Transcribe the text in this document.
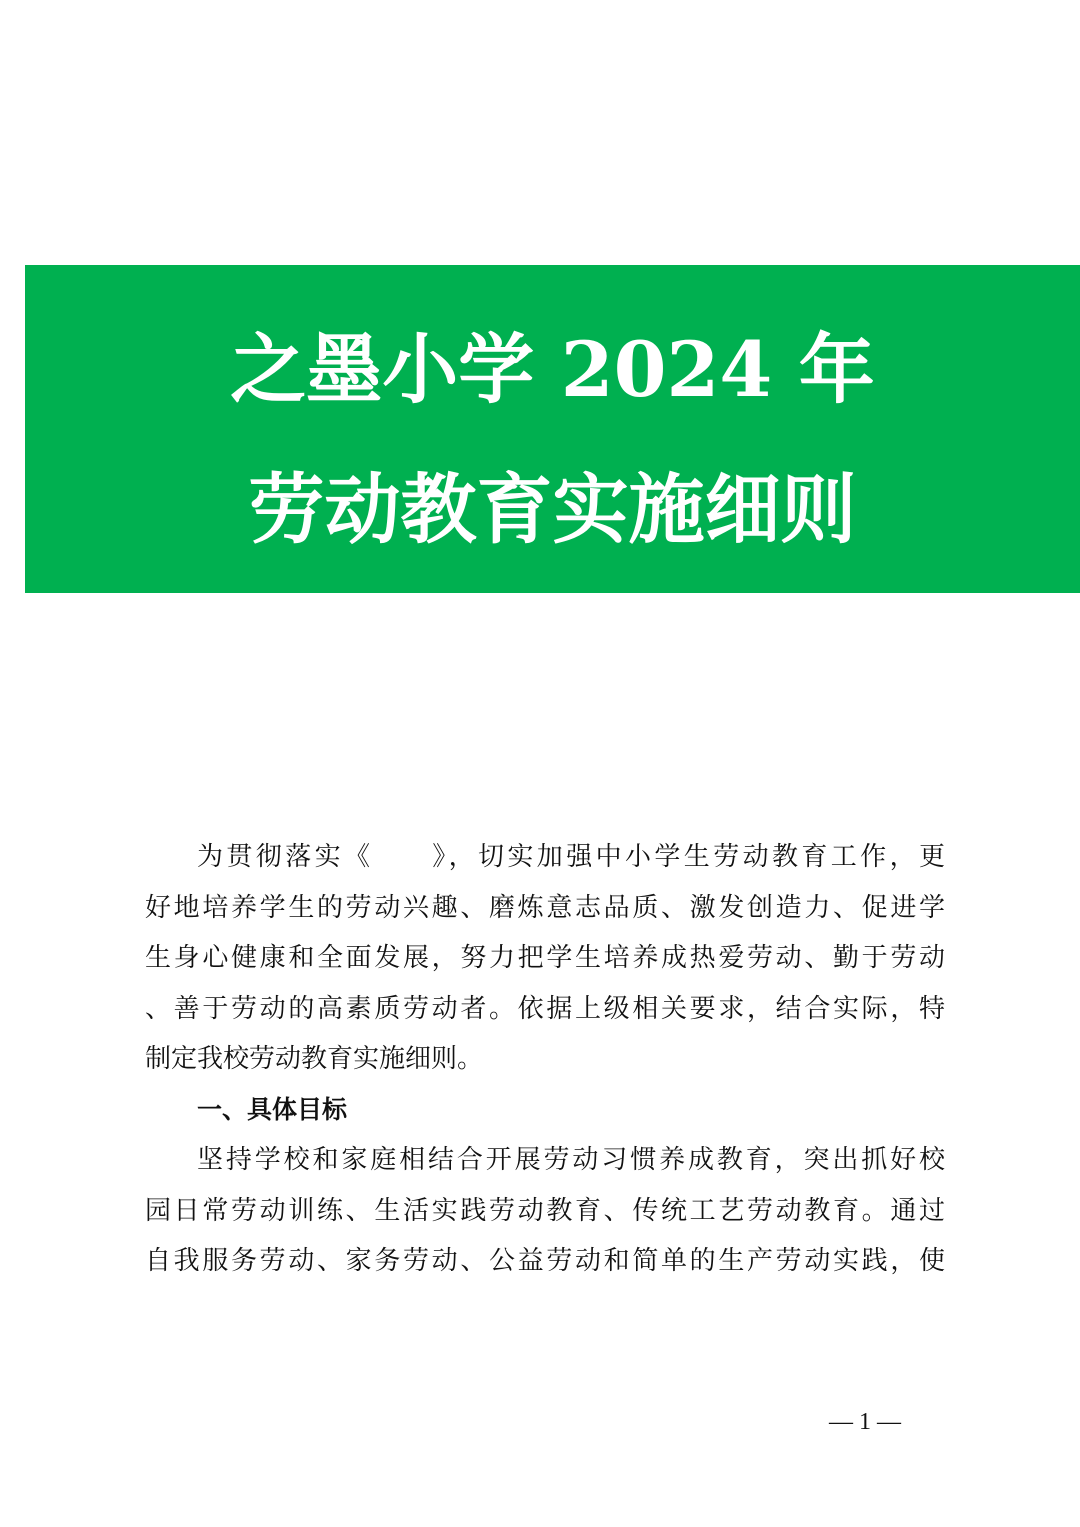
之墨小学 2024 年
劳动教育实施细则
为贯彻落实《　　》，切实加强中小学生劳动教育工作，更
好地培养学生的劳动兴趣、磨炼意志品质、激发创造力、促进学
生身心健康和全面发展，努力把学生培养成热爱劳动、勤于劳动
、善于劳动的高素质劳动者。依据上级相关要求，结合实际，特
制定我校劳动教育实施细则。
一、具体目标
坚持学校和家庭相结合开展劳动习惯养成教育，突出抓好校
园日常劳动训练、生活实践劳动教育、传统工艺劳动教育。通过
自我服务劳动、家务劳动、公益劳动和简单的生产劳动实践，使
— 1 —
